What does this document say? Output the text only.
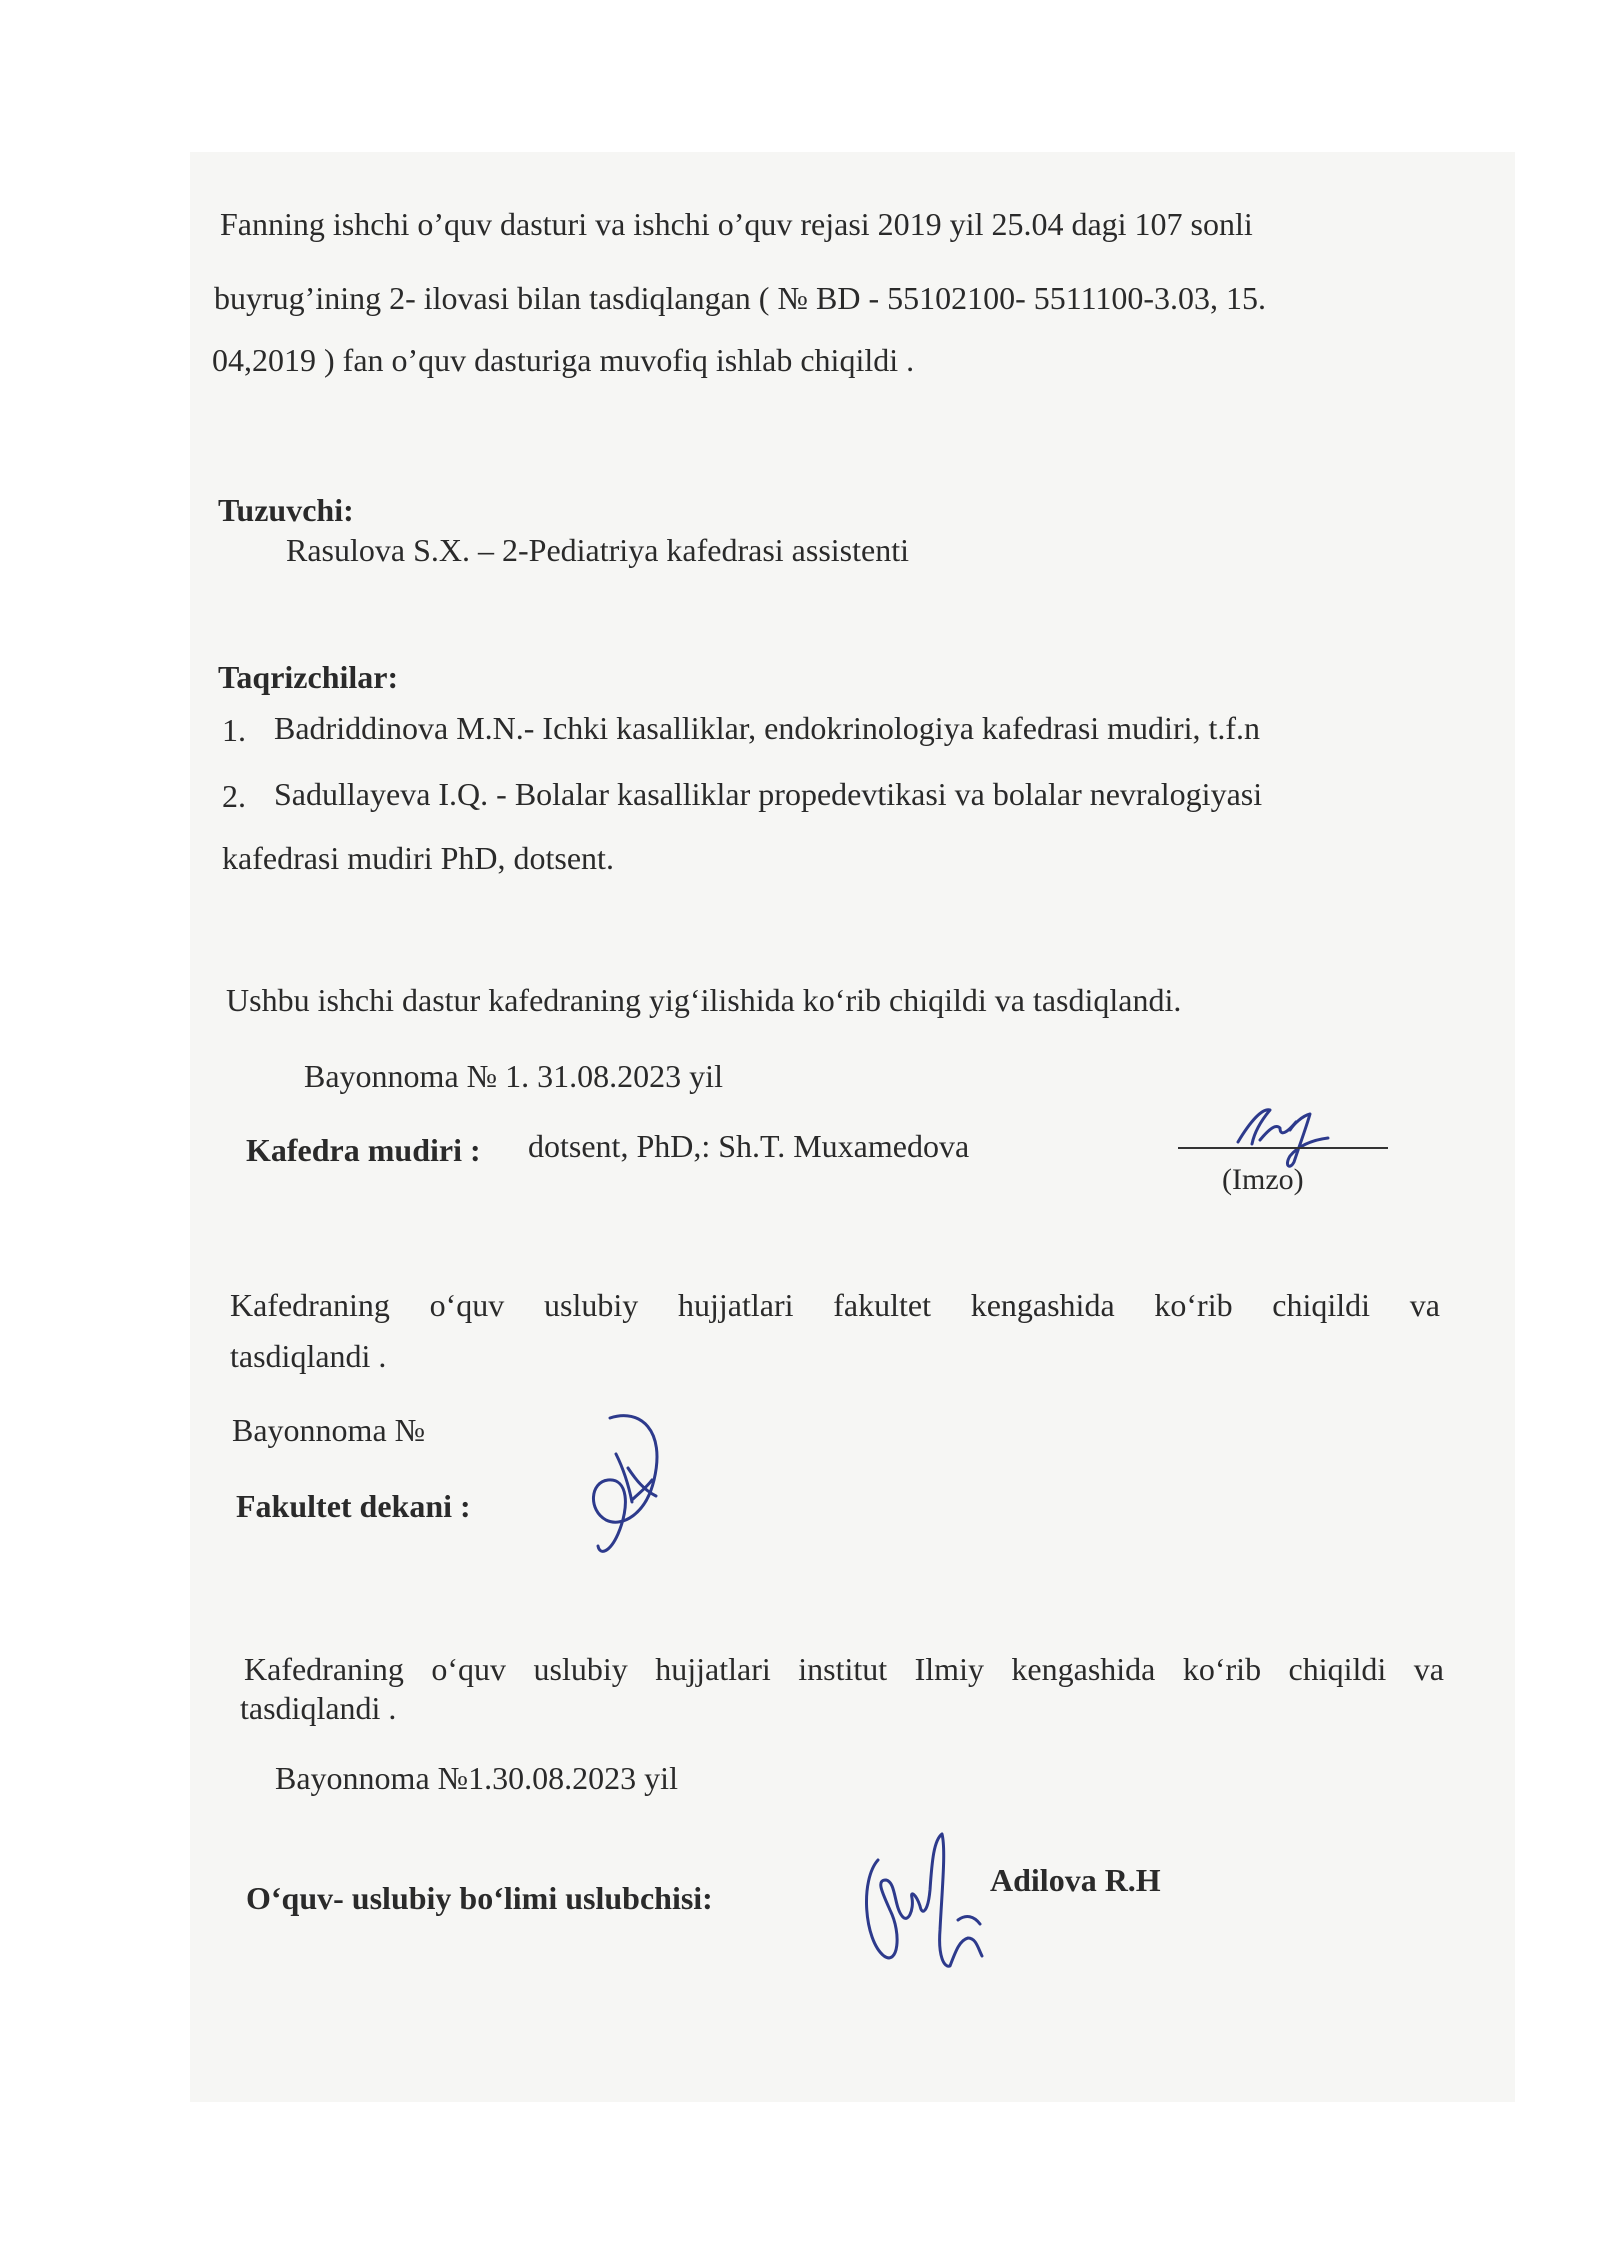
Fanning ishchi o’quv dasturi va ishchi o’quv rejasi 2019 yil 25.04 dagi 107 sonli
buyrug’ining 2- ilovasi bilan tasdiqlangan ( № BD - 55102100- 5511100-3.03, 15.
04,2019 ) fan o’quv dasturiga muvofiq ishlab chiqildi .
Tuzuvchi:
Rasulova S.X. – 2-Pediatriya kafedrasi assistenti
Taqrizchilar:
1. Badriddinova M.N.- Ichki kasalliklar, endokrinologiya kafedrasi mudiri, t.f.n
2. Sadullayeva I.Q. - Bolalar kasalliklar propedevtikasi va bolalar nevralogiyasi
kafedrasi mudiri PhD, dotsent.
Ushbu ishchi dastur kafedraning yig‘ilishida ko‘rib chiqildi va tasdiqlandi.
Bayonnoma № 1. 31.08.2023 yil
Kafedra mudiri : dotsent, PhD,: Sh.T. Muxamedova
(Imzo)
Kafedraning o‘quv uslubiy hujjatlari fakultet kengashida ko‘rib chiqildi va
tasdiqlandi .
Bayonnoma №
Fakultet dekani :
Kafedraning o‘quv uslubiy hujjatlari institut Ilmiy kengashida ko‘rib chiqildi va
tasdiqlandi .
Bayonnoma №1.30.08.2023 yil
O‘quv- uslubiy bo‘limi uslubchisi:	Adilova R.H
